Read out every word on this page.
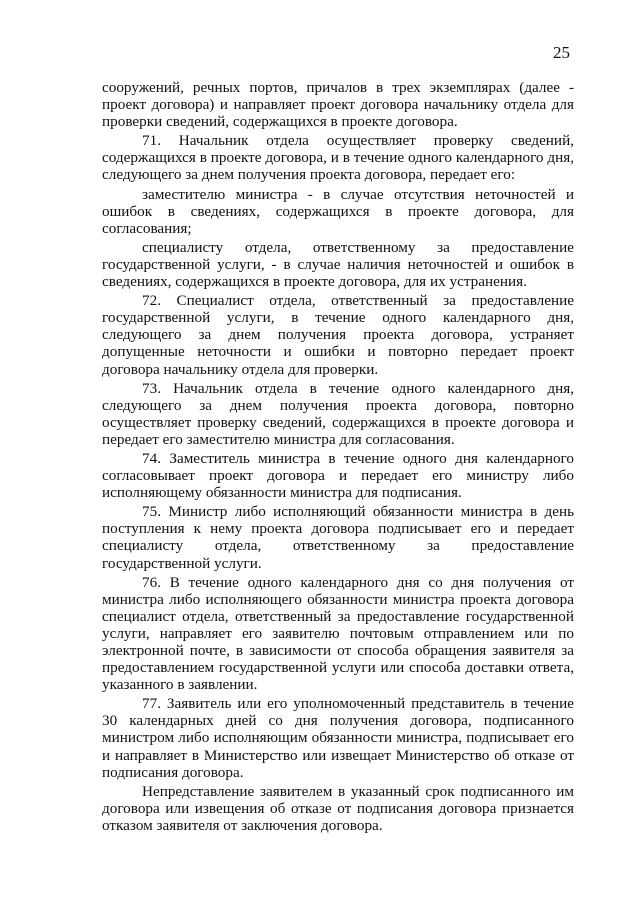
25

сооружений, речных портов, причалов в трех экземплярах (далее - проект договора) и направляет проект договора начальнику отдела для проверки сведений, содержащихся в проекте договора.

71. Начальник отдела осуществляет проверку сведений, содержащихся в проекте договора, и в течение одного календарного дня, следующего за днем получения проекта договора, передает его:

заместителю министра - в случае отсутствия неточностей и ошибок в сведениях, содержащихся в проекте договора, для согласования;

специалисту отдела, ответственному за предоставление государственной услуги, - в случае наличия неточностей и ошибок в сведениях, содержащихся в проекте договора, для их устранения.

72. Специалист отдела, ответственный за предоставление государственной услуги, в течение одного календарного дня, следующего за днем получения проекта договора, устраняет допущенные неточности и ошибки и повторно передает проект договора начальнику отдела для проверки.

73. Начальник отдела в течение одного календарного дня, следующего за днем получения проекта договора, повторно осуществляет проверку сведений, содержащихся в проекте договора и передает его заместителю министра для согласования.

74. Заместитель министра в течение одного дня календарного согласовывает проект договора и передает его министру либо исполняющему обязанности министра для подписания.

75. Министр либо исполняющий обязанности министра в день поступления к нему проекта договора подписывает его и передает специалисту отдела, ответственному за предоставление государственной услуги.

76. В течение одного календарного дня со дня получения от министра либо исполняющего обязанности министра проекта договора специалист отдела, ответственный за предоставление государственной услуги, направляет его заявителю почтовым отправлением или по электронной почте, в зависимости от способа обращения заявителя за предоставлением государственной услуги или способа доставки ответа, указанного в заявлении.

77. Заявитель или его уполномоченный представитель в течение 30 календарных дней со дня получения договора, подписанного министром либо исполняющим обязанности министра, подписывает его и направляет в Министерство или извещает Министерство об отказе от подписания договора.

Непредставление заявителем в указанный срок подписанного им договора или извещения об отказе от подписания договора признается отказом заявителя от заключения договора.
